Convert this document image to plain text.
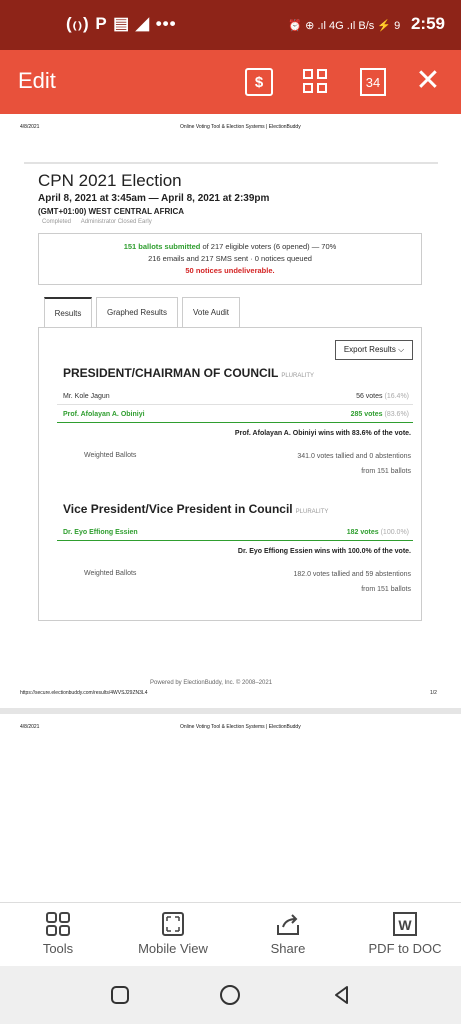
(₍₎) P ▤ ◢ •••	⏰ ⊕ .ıl 4G .ıl B/s ⚡ 9 2:59
Edit	$	34 ✕
4/8/2021	Online Voting Tool & Election Systems | ElectionBuddy
CPN 2021 Election
April 8, 2021 at 3:45am — April 8, 2021 at 2:39pm
(GMT+01:00) WEST CENTRAL AFRICA
Completed Administrator Closed Early
151 ballots submitted of 217 eligible voters (6 opened) — 70%
216 emails and 217 SMS sent · 0 notices queued
50 notices undeliverable.
Results	Graphed Results	Vote Audit
Export Results ⌵
PRESIDENT/CHAIRMAN OF COUNCIL PLURALITY
Mr. Kole Jagun	56 votes (16.4%)
Prof. Afolayan A. Obiniyi	285 votes (83.6%)
Prof. Afolayan A. Obiniyi wins with 83.6% of the vote.
Weighted Ballots	341.0 votes tallied and 0 abstentions
from 151 ballots
Vice President/Vice President in Council PLURALITY
Dr. Eyo Effiong Essien	182 votes (100.0%)
Dr. Eyo Effiong Essien wins with 100.0% of the vote.
Weighted Ballots	182.0 votes tallied and 59 abstentions
from 151 ballots
Powered by ElectionBuddy, Inc. © 2008–2021
https://secure.electionbuddy.com/results/4WVSJ29ZN3L4	1/2
4/8/2021	Online Voting Tool & Election Systems | ElectionBuddy
Tools	Mobile View	Share
W
PDF to DOC
